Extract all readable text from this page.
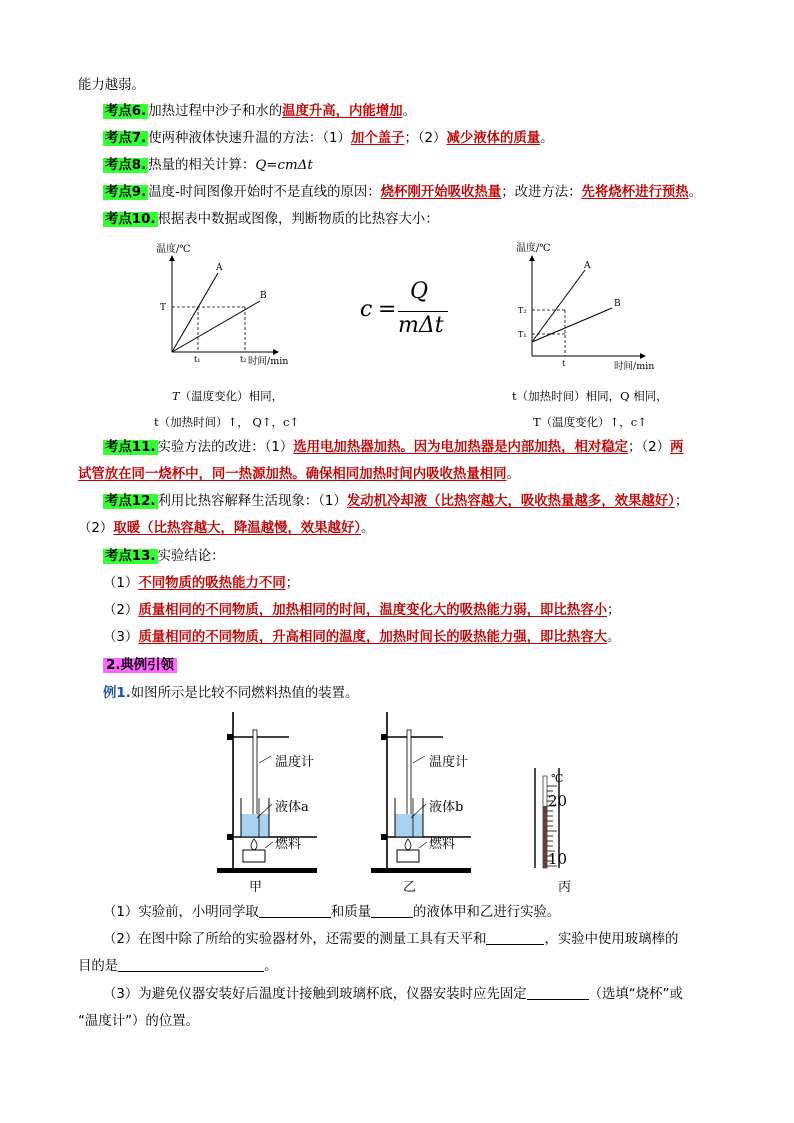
能力越弱。
考点6. 加热过程中沙子和水的温度升高，内能增加。
考点7. 使两种液体快速升温的方法：（1）加个盖子；（2）减少液体的质量。
考点8. 热量的相关计算：Q=cmΔt
考点9. 温度-时间图像开始时不是直线的原因：烧杯刚开始吸收热量；改进方法：先将烧杯进行预热。
考点10. 根据表中数据或图像，判断物质的比热容大小：
温度/℃
时间/min
A
B
T
t₁	t₂
T（温度变化）相同，
t（加热时间）↑， Q↑，c↑
c =
Q
mΔt
温度/℃
时间/min
A
B
T₂
T₁
t
t（加热时间）相同，Q 相同，
T（温度变化）↑，c↑
考点11. 实验方法的改进：（1）选用电加热器加热。因为电加热器是内部加热，相对稳定；（2）两
试管放在同一烧杯中，同一热源加热。确保相同加热时间内吸收热量相同。
考点12. 利用比热容解释生活现象：（1）发动机冷却液（比热容越大，吸收热量越多，效果越好）；
（2）取暖（比热容越大，降温越慢，效果越好）。
考点13. 实验结论：
（1）不同物质的吸热能力不同；
（2）质量相同的不同物质，加热相同的时间，温度变化大的吸热能力弱，即比热容小；
（3）质量相同的不同物质，升高相同的温度，加热时间长的吸热能力强，即比热容大。
2.典例引领
例1.如图所示是比较不同燃料热值的装置。
温度计
液体a
燃料
甲
温度计
液体b
燃料
乙
℃
20
10
丙
（1）实验前，小明同学取	和质量	的液体甲和乙进行实验。
（2）在图中除了所给的实验器材外，还需要的测量工具有天平和	，实验中使用玻璃棒的
目的是	。
（3）为避免仪器安装好后温度计接触到玻璃杯底，仪器安装时应先固定	（选填“烧杯”或
“温度计”）的位置。
